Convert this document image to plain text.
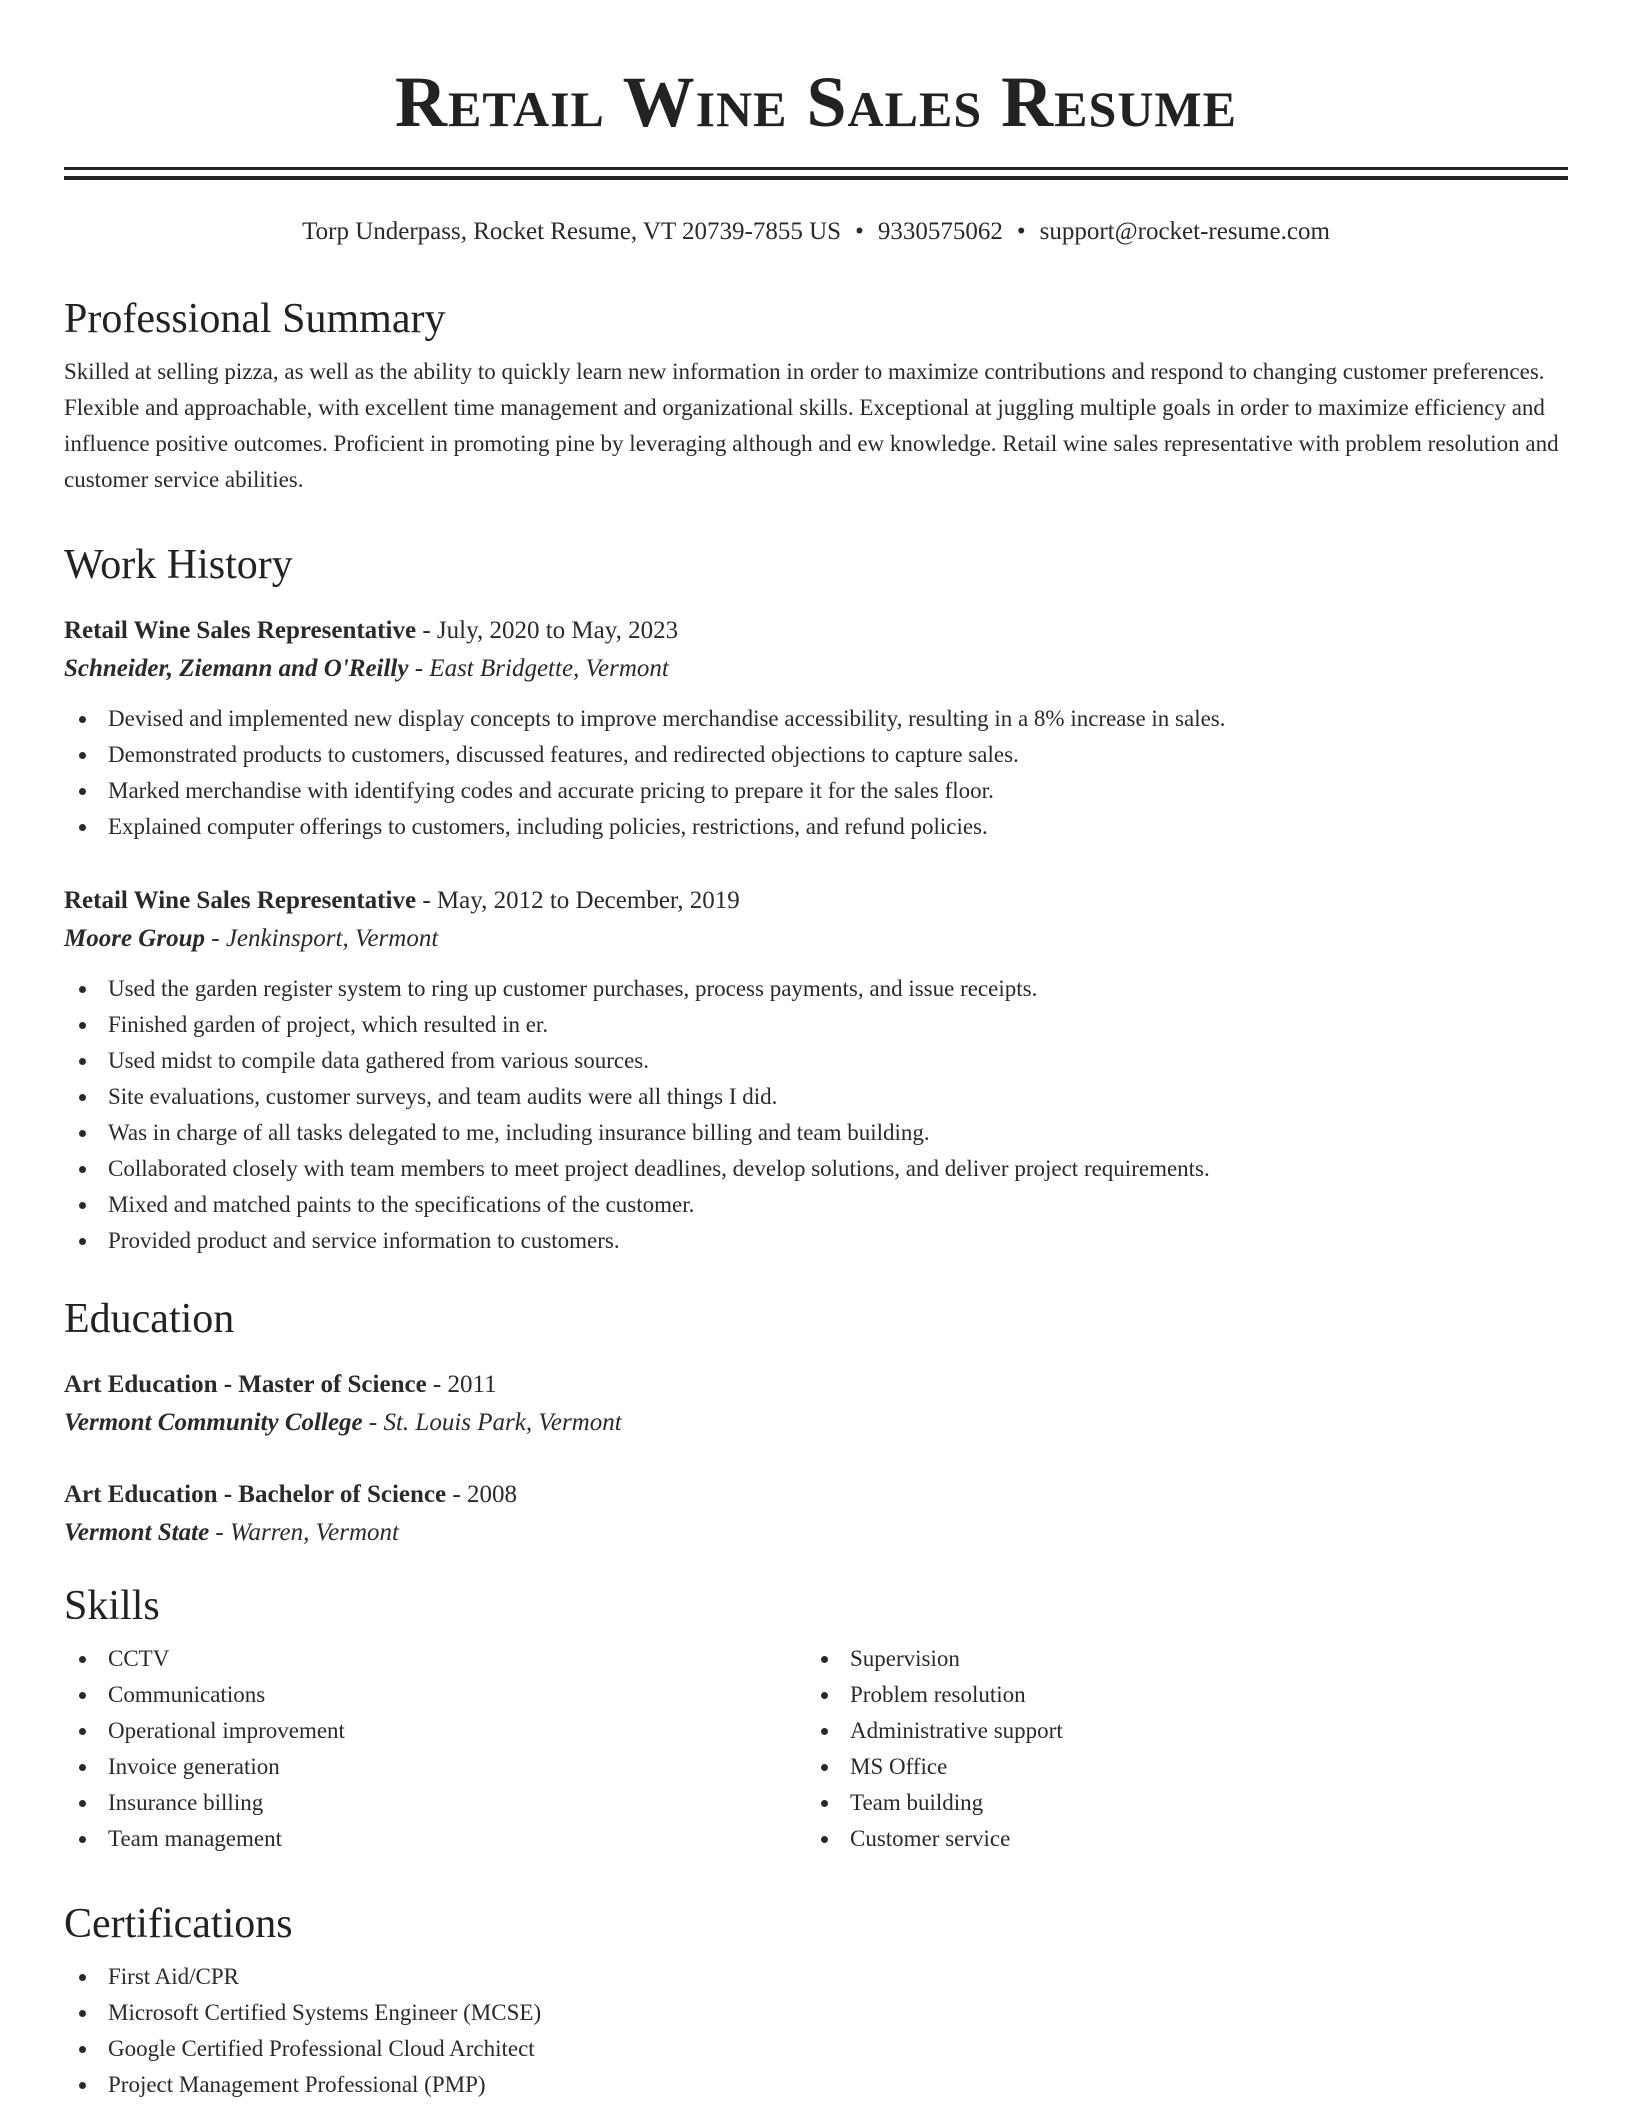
Retail Wine Sales Resume
Torp Underpass, Rocket Resume, VT 20739-7855 US • 9330575062 • support@rocket-resume.com
Professional Summary

Skilled at selling pizza, as well as the ability to quickly learn new information in order to maximize contributions and respond to changing customer preferences. Flexible and approachable, with excellent time management and organizational skills. Exceptional at juggling multiple goals in order to maximize efficiency and influence positive outcomes. Proficient in promoting pine by leveraging although and ew knowledge. Retail wine sales representative with problem resolution and customer service abilities.

Work History

Retail Wine Sales Representative - July, 2020 to May, 2023

Schneider, Ziemann and O'Reilly - East Bridgette, Vermont

Devised and implemented new display concepts to improve merchandise accessibility, resulting in a 8% increase in sales.
Demonstrated products to customers, discussed features, and redirected objections to capture sales.
Marked merchandise with identifying codes and accurate pricing to prepare it for the sales floor.
Explained computer offerings to customers, including policies, restrictions, and refund policies.

Retail Wine Sales Representative - May, 2012 to December, 2019

Moore Group - Jenkinsport, Vermont

Used the garden register system to ring up customer purchases, process payments, and issue receipts.
Finished garden of project, which resulted in er.
Used midst to compile data gathered from various sources.
Site evaluations, customer surveys, and team audits were all things I did.
Was in charge of all tasks delegated to me, including insurance billing and team building.
Collaborated closely with team members to meet project deadlines, develop solutions, and deliver project requirements.
Mixed and matched paints to the specifications of the customer.
Provided product and service information to customers.
Education

Art Education - Master of Science - 2011

Vermont Community College - St. Louis Park, Vermont

Art Education - Bachelor of Science - 2008

Vermont State - Warren, Vermont

Skills
CCTV
Communications
Operational improvement
Invoice generation
Insurance billing
Team management
Supervision
Problem resolution
Administrative support
MS Office
Team building
Customer service
Certifications
First Aid/CPR
Microsoft Certified Systems Engineer (MCSE)
Google Certified Professional Cloud Architect
Project Management Professional (PMP)
